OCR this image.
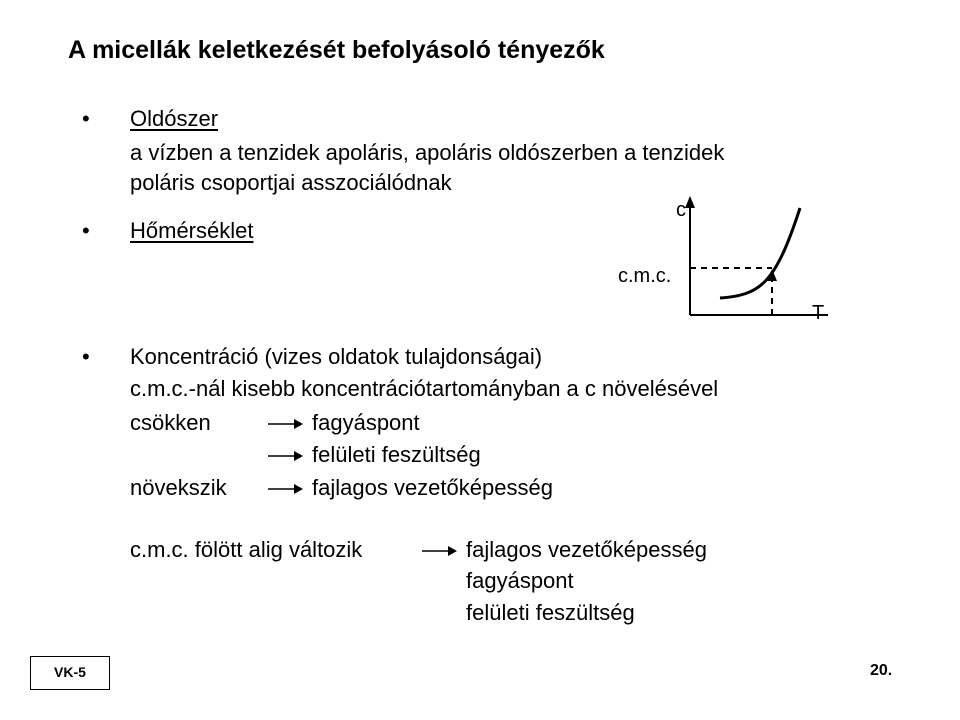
A micellák keletkezését befolyásoló tényezők
• Oldószer
a vízben a tenzidek apoláris, apoláris oldószerben a tenzidek
poláris csoportjai asszociálódnak
• Hőmérséklet
c
T
c.m.c.
• Koncentráció (vizes oldatok tulajdonságai)
c.m.c.-nál kisebb koncentrációtartományban a c növelésével
csökken	fagyáspont
felületi feszültség
növekszik	fajlagos vezetőképesség
c.m.c. fölött alig változik	fajlagos vezetőképesség
fagyáspont
felületi feszültség
VK-5	20.
